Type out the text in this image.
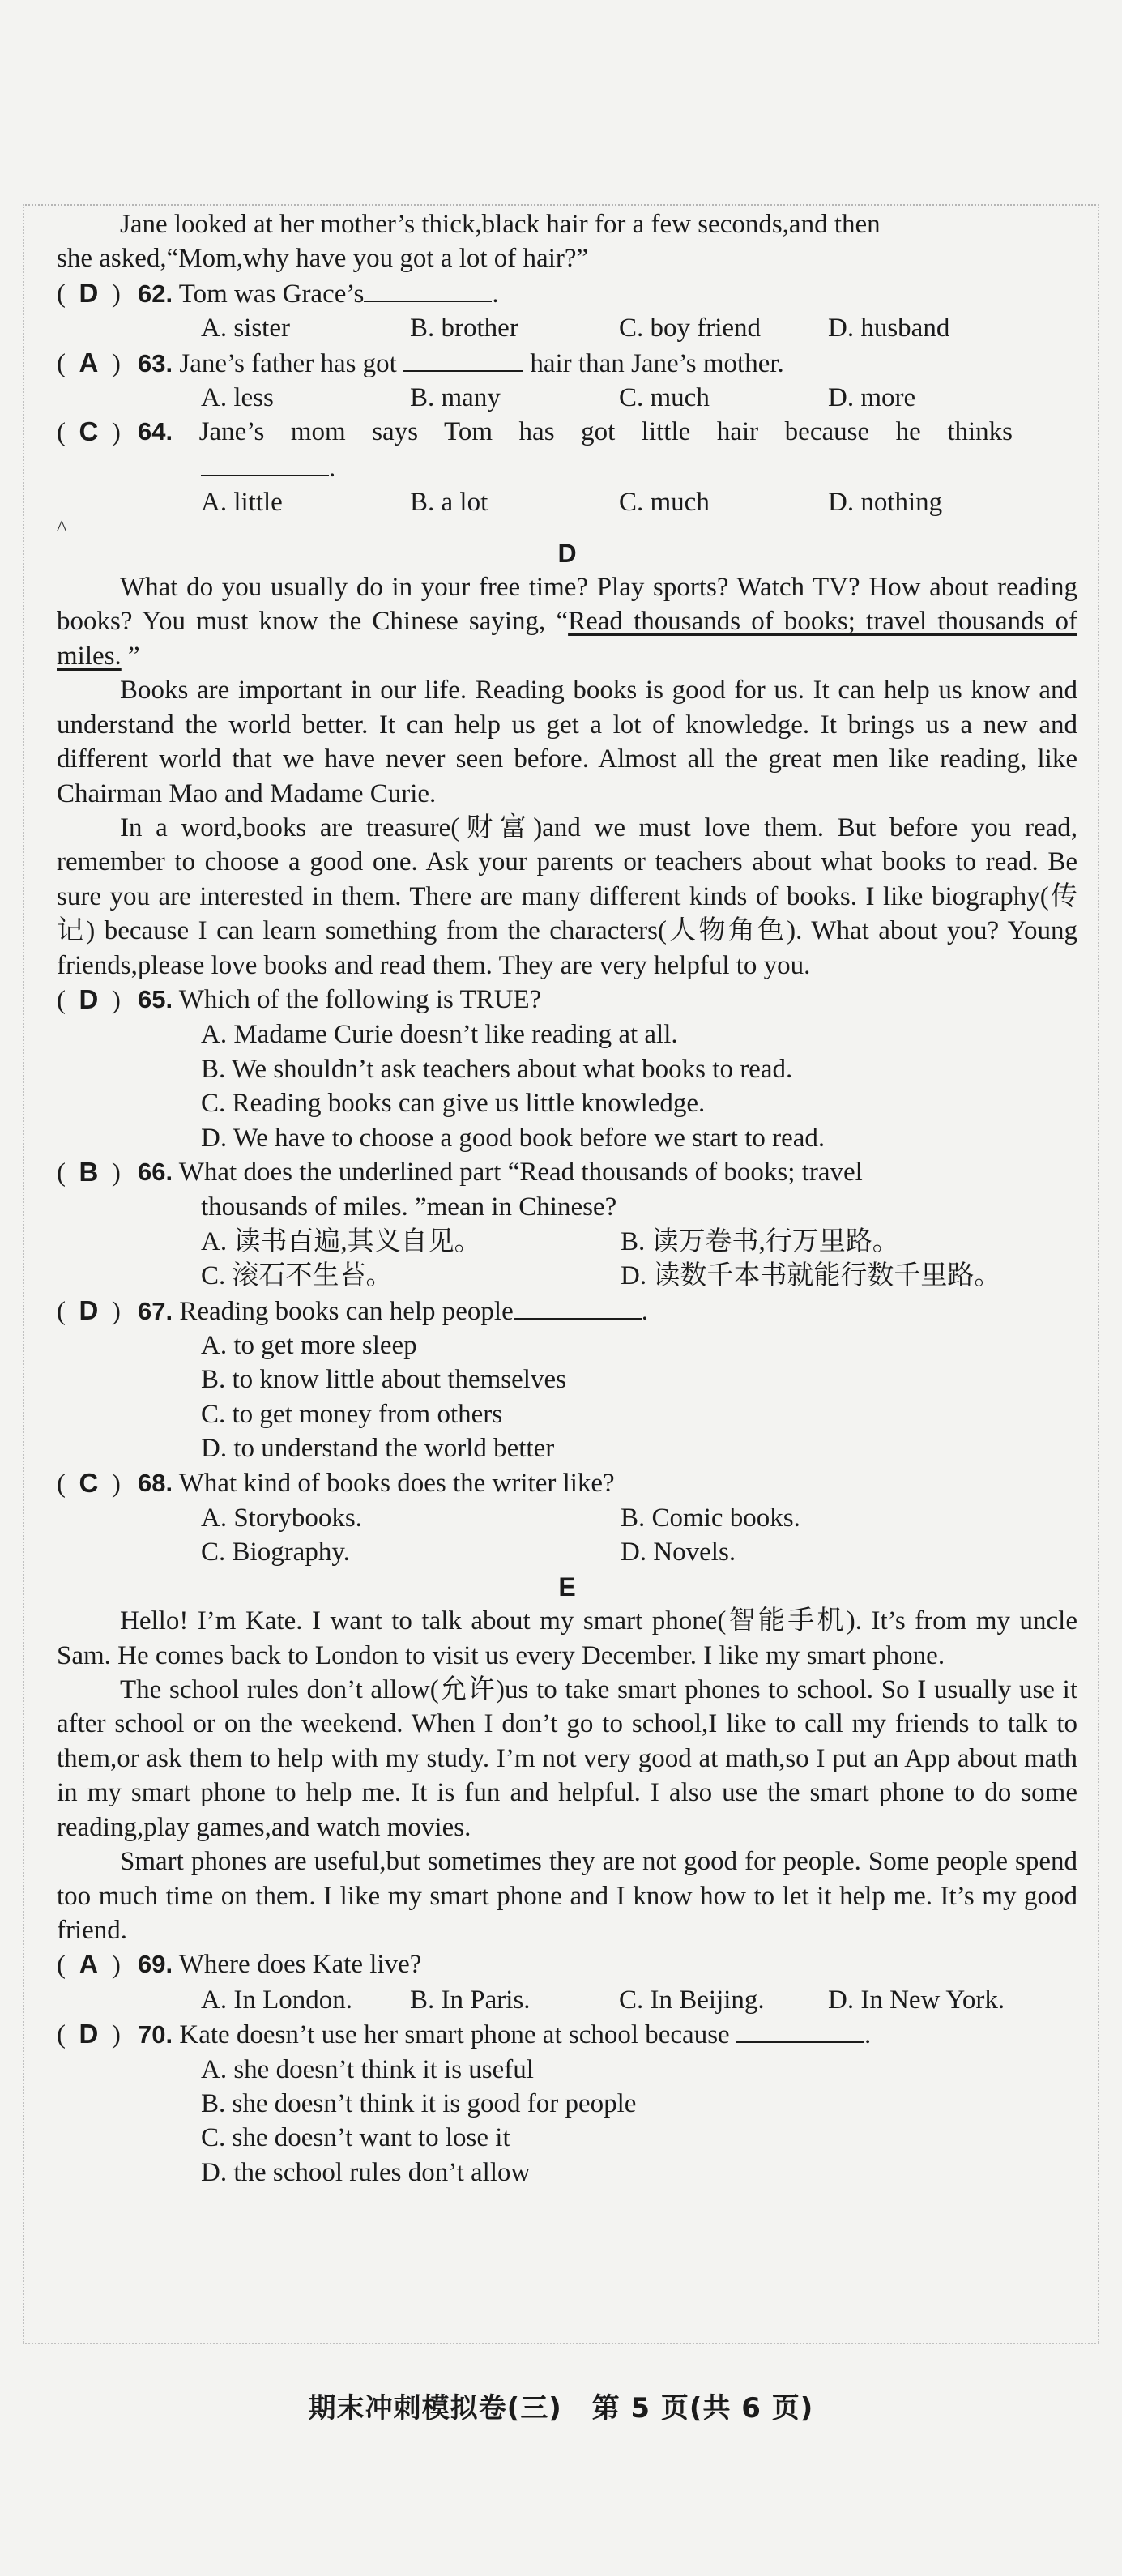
Jane looked at her mother’s thick,black hair for a few seconds,and then

she asked,“Mom,why have you got a lot of hair?”

(  D  ) 62. Tom was Grace’s	.
A. sister	B. brother	C. boy friend	D. husband
(  A  ) 63. Jane’s father has got	hair than Jane’s mother.
A. less	B. many	C. much	D. more
(  C  ) 64. Jane’s mom says Tom has got little hair because he thinks
.
A. little	B. a lot	C. much	D. nothing
^
D

What do you usually do in your free time? Play sports? Watch TV? How about reading books? You must know the Chinese saying, “Read thousands of books; travel thousands of miles. ”

Books are important in our life. Reading books is good for us. It can help us know and understand the world better. It can help us get a lot of knowledge. It brings us a new and different world that we have never seen before. Almost all the great men like reading, like Chairman Mao and Madame Curie.

In a word,books are treasure(财富)and we must love them. But before you read, remember to choose a good one. Ask your parents or teachers about what books to read. Be sure you are interested in them. There are many different kinds of books. I like biography(传记) because I can learn something from the characters(人物角色). What about you? Young friends,please love books and read them. They are very helpful to you.

(  D  ) 65. Which of the following is TRUE?
A. Madame Curie doesn’t like reading at all.
B. We shouldn’t ask teachers about what books to read.
C. Reading books can give us little knowledge.
D. We have to choose a good book before we start to read.
(  B  ) 66. What does the underlined part “Read thousands of books; travel
thousands of miles. ”mean in Chinese?
A. 读书百遍,其义自见。	B. 读万卷书,行万里路。
C. 滚石不生苔。	D. 读数千本书就能行数千里路。
(  D  ) 67. Reading books can help people	.
A. to get more sleep
B. to know little about themselves
C. to get money from others
D. to understand the world better
(  C  ) 68. What kind of books does the writer like?
A. Storybooks.	B. Comic books.
C. Biography.	D. Novels.
E

Hello! I’m Kate. I want to talk about my smart phone(智能手机). It’s from my uncle Sam. He comes back to London to visit us every December. I like my smart phone.

The school rules don’t allow(允许)us to take smart phones to school. So I usually use it after school or on the weekend. When I don’t go to school,I like to call my friends to talk to them,or ask them to help with my study. I’m not very good at math,so I put an App about math in my smart phone to help me. It is fun and helpful. I also use the smart phone to do some reading,play games,and watch movies.

Smart phones are useful,but sometimes they are not good for people. Some people spend too much time on them. I like my smart phone and I know how to let it help me. It’s my good friend.

(  A  ) 69. Where does Kate live?
A. In London.	B. In Paris.	C. In Beijing.	D. In New York.
(  D  ) 70. Kate doesn’t use her smart phone at school because	.
A. she doesn’t think it is useful
B. she doesn’t think it is good for people
C. she doesn’t want to lose it
D. the school rules don’t allow
期末冲刺模拟卷(三) 第 5 页(共 6 页)
